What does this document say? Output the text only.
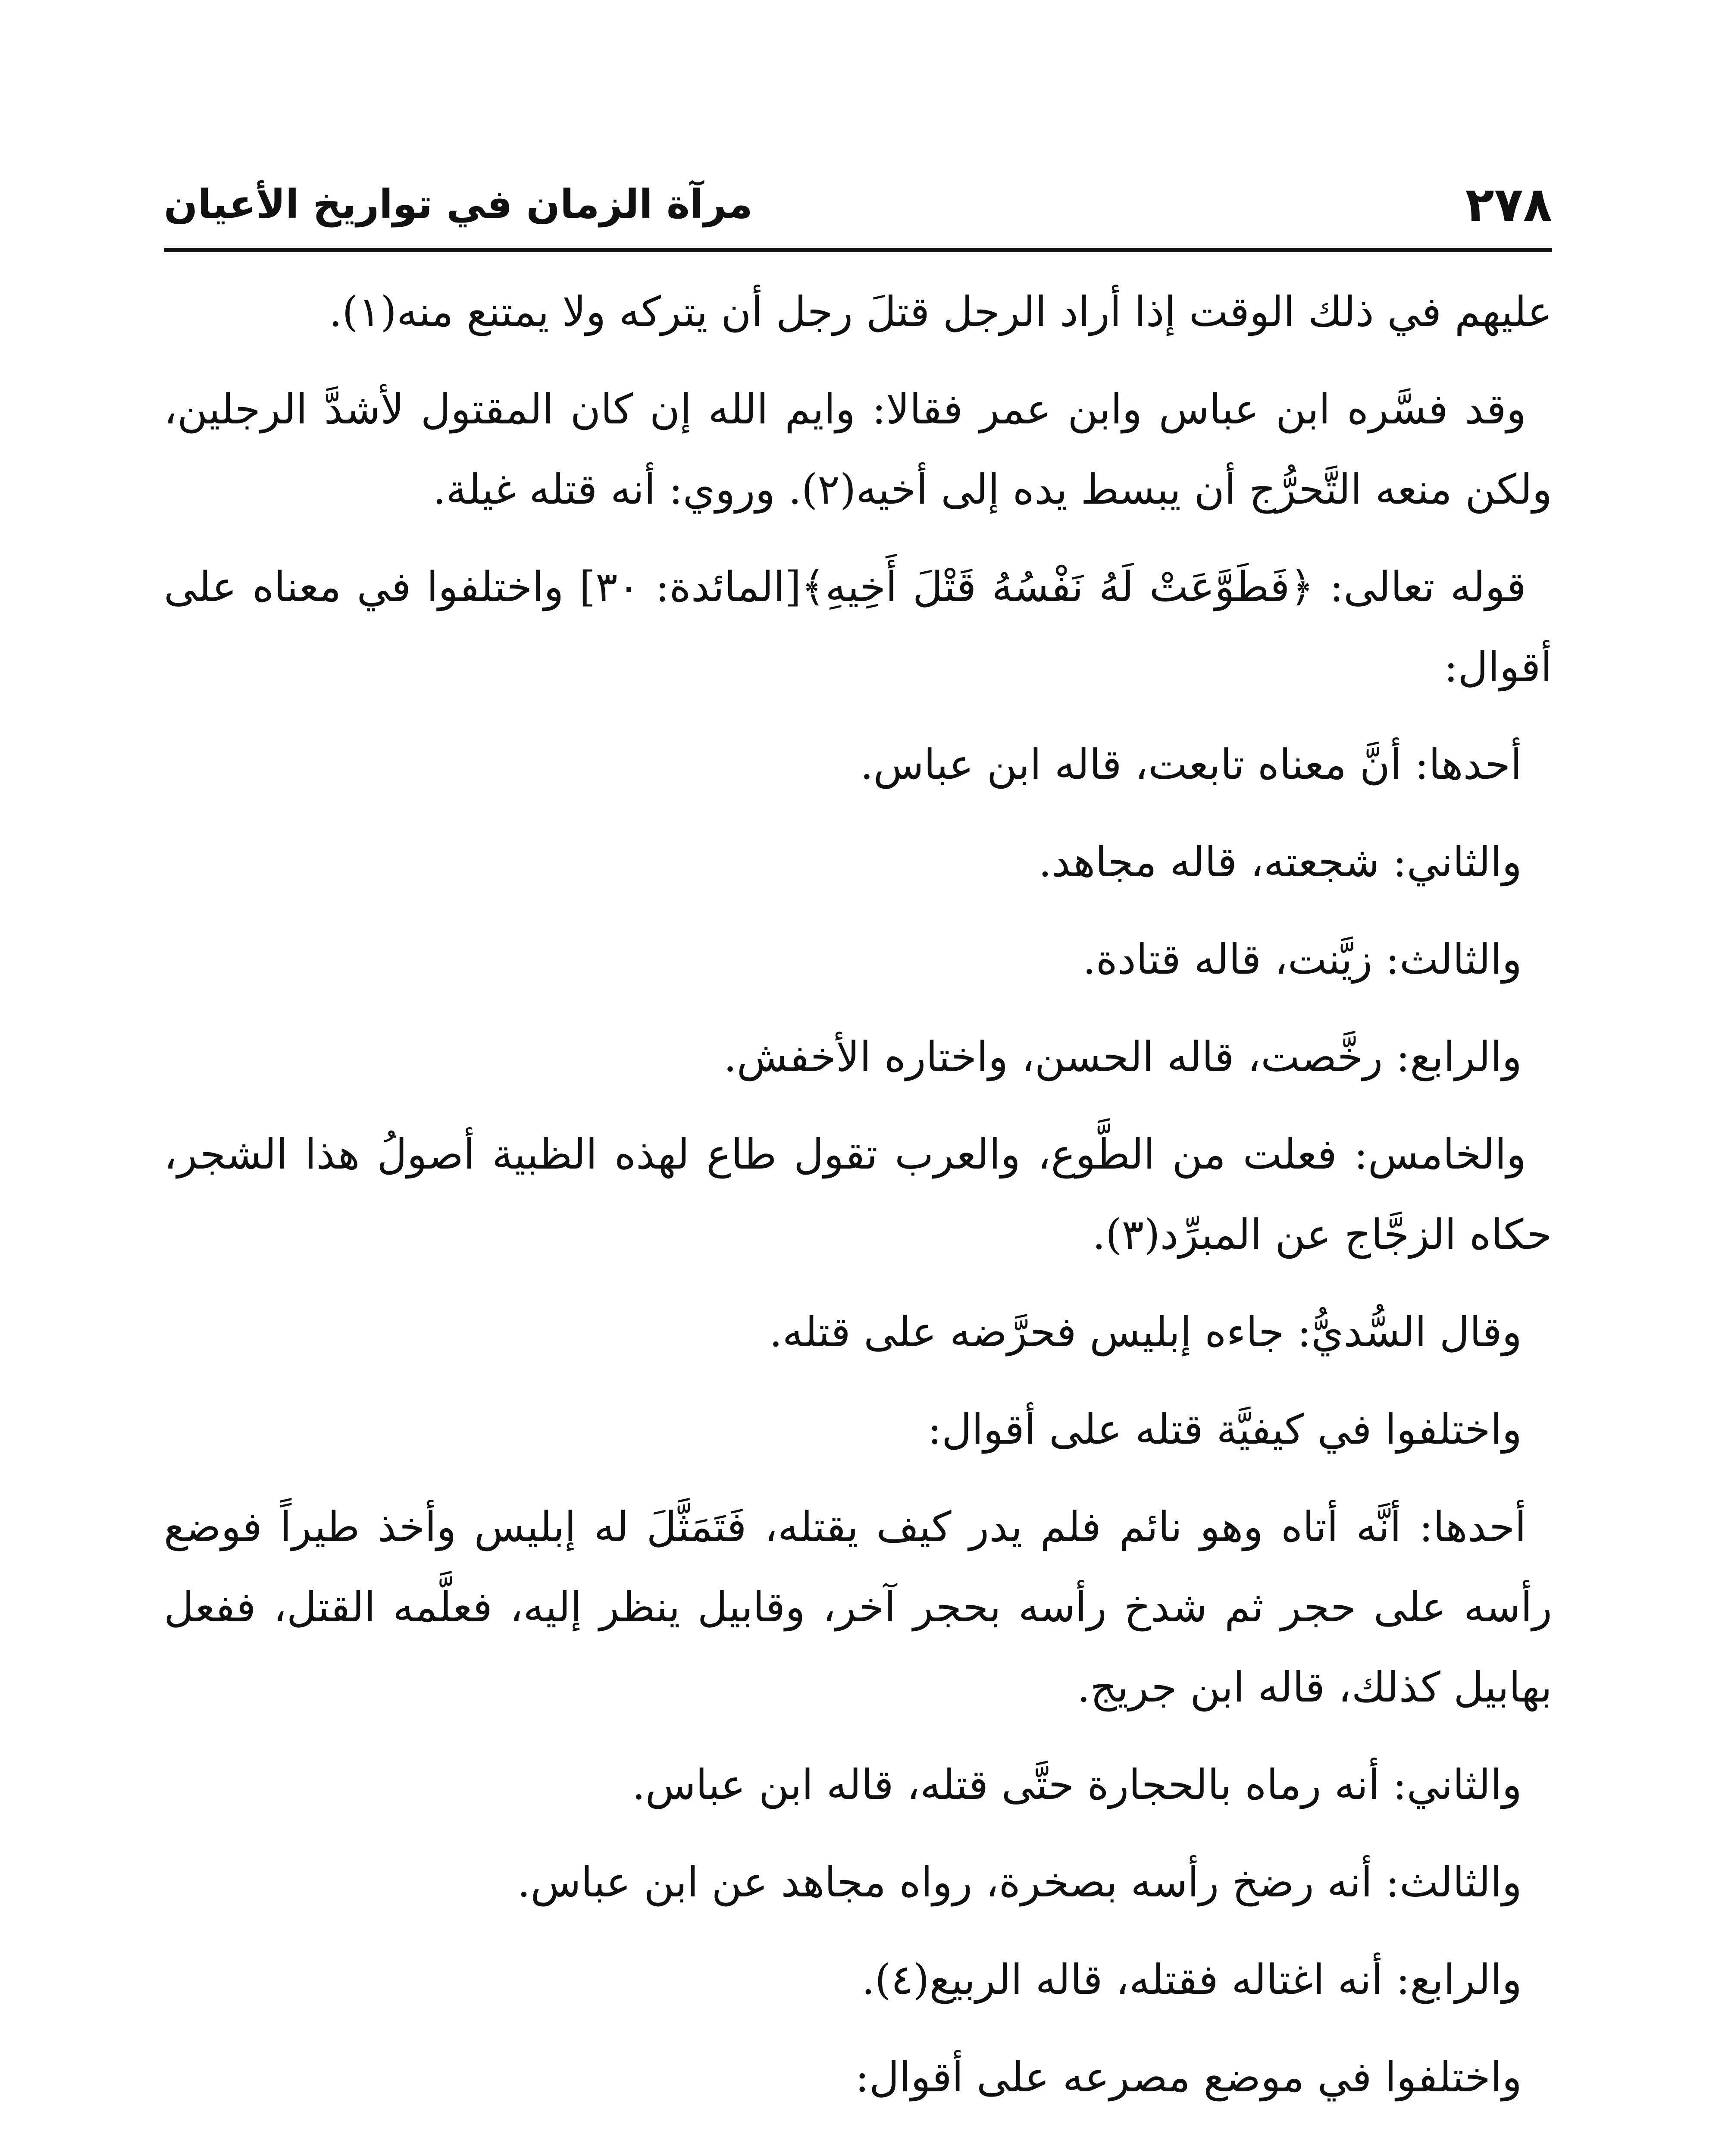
٢٧٨
مرآة الزمان في تواريخ الأعيان

عليهم في ذلك الوقت إذا أراد الرجل قتلَ رجل أن يتركه ولا يمتنع منه(١).

وقد فسَّره ابن عباس وابن عمر فقالا: وايم الله إن كان المقتول لأشدَّ الرجلين، ولكن منعه التَّحرُّج أن يبسط يده إلى أخيه(٢). وروي: أنه قتله غيلة.

قوله تعالى: ﴿فَطَوَّعَتْ لَهُ نَفْسُهُ قَتْلَ أَخِيهِ﴾[المائدة: ٣٠] واختلفوا في معناه على أقوال:

أحدها: أنَّ معناه تابعت، قاله ابن عباس.

والثاني: شجعته، قاله مجاهد.

والثالث: زيَّنت، قاله قتادة.

والرابع: رخَّصت، قاله الحسن، واختاره الأخفش.

والخامس: فعلت من الطَّوع، والعرب تقول طاع لهذه الظبية أصولُ هذا الشجر، حكاه الزجَّاج عن المبرِّد(٣).

وقال السُّديُّ: جاءه إبليس فحرَّضه على قتله.

واختلفوا في كيفيَّة قتله على أقوال:

أحدها: أنَّه أتاه وهو نائم فلم يدر كيف يقتله، فَتَمَثَّلَ له إبليس وأخذ طيراً فوضع رأسه على حجر ثم شدخ رأسه بحجر آخر، وقابيل ينظر إليه، فعلَّمه القتل، ففعل بهابيل كذلك، قاله ابن جريج.

والثاني: أنه رماه بالحجارة حتَّى قتله، قاله ابن عباس.

والثالث: أنه رضخ رأسه بصخرة، رواه مجاهد عن ابن عباس.

والرابع: أنه اغتاله فقتله، قاله الربيع(٤).

واختلفوا في موضع مصرعه على أقوال:
